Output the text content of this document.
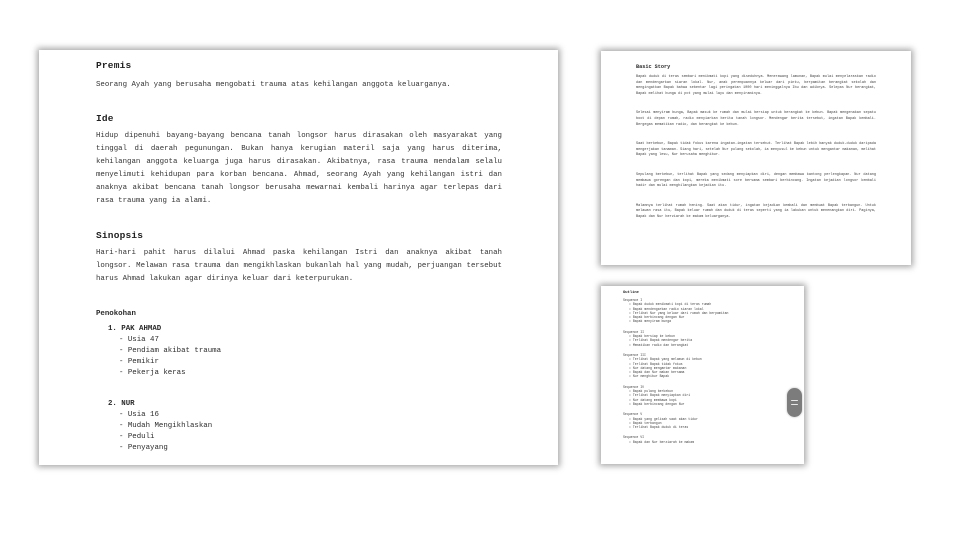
Premis

Seorang Ayah yang berusaha mengobati trauma atas kehilangan anggota keluarganya.

Ide

Hidup dipenuhi bayang-bayang bencana tanah longsor harus dirasakan oleh masyarakat yang tinggal di daerah pegunungan. Bukan hanya kerugian materil saja yang harus diterima, kehilangan anggota keluarga juga harus dirasakan. Akibatnya, rasa trauma mendalam selalu menyelimuti kehidupan para korban bencana. Ahmad, seorang Ayah yang kehilangan istri dan anaknya akibat bencana tanah longsor berusaha mewarnai kembali harinya agar terlepas dari rasa trauma yang ia alami.

Sinopsis

Hari-hari pahit harus dilalui Ahmad paska kehilangan Istri dan anaknya akibat tanah longsor. Melawan rasa trauma dan mengikhlaskan bukanlah hal yang mudah, perjuangan tersebut harus Ahmad lakukan agar dirinya keluar dari keterpurukan.

Penokohan
1. PAK AHMAD
- Usia 47
- Pendiam akibat trauma
- Pemikir
- Pekerja keras
2. NUR
- Usia 16
- Mudah Mengikhlaskan
- Peduli
- Penyayang
Basic Story

Bapak duduk di teras sembari menikmati kopi yang diseduhnya. Menerawang lamunan, Bapak mulai menyelaraskan radio dan mendengarkan siaran lokal. Nur, anak perempuannya keluar dari pintu, berpamitan berangkat sekolah dan mengingatkan Bapak bahwa sebentar lagi peringatan 1000 hari meninggalnya Ibu dan adiknya. Selepas Nur berangkat, Bapak melihat bunga di pot yang mulai layu dan menyiraminya.

Selesai menyiram bunga, Bapak masuk ke rumah dan mulai bersiap untuk berangkat ke kebun. Bapak mengenakan sepatu boot di depan rumah, radio menyiarkan berita tanah longsor. Mendengar berita tersebut, ingatan Bapak kembali. Bergegas mematikan radio, dan berangkat ke kebun.

Saat berkebun, Bapak tidak fokus karena ingatan-ingatan tersebut. Terlihat Bapak lebih banyak duduk-duduk daripada mengerjakan tanaman. Siang hari, setelah Nur pulang sekolah, ia menyusul ke kebun untuk mengantar makanan, melihat Bapak yang lesu, Nur berusaha menghibur.

Sepulang berkebun, terlihat Bapak yang sedang menyiapkan diri, dengan membawa kantong perlengkapan. Nur datang membawa gorengan dan kopi, mereka menikmati sore bersama sembari berbincang. Ingatan kejadian longsor kembali hadir dan mulai menghilangkan kejadian itu.

Malamnya terlihat rumah hening. Saat akan tidur, ingatan kejadian kembali dan membuat Bapak terbangun. Untuk melawan rasa itu, Bapak keluar rumah dan duduk di teras seperti yang ia lakukan untuk menenangkan diri. Paginya, Bapak dan Nur berziarah ke makam keluarganya.

Outline
Sequence I
• Bapak duduk menikmati kopi di teras rumah
• Bapak mendengarkan radio siaran lokal
• Terlihat Nur yang keluar dari rumah dan berpamitan
• Bapak berbincang dengan Nur
• Bapak menyiram bunga
Sequence II
• Bapak bersiap ke kebun
• Terlihat Bapak mendengar berita
• Mematikan radio dan berangkat
Sequence III
• Terlihat Bapak yang melamun di kebun
• Terlihat Bapak tidak fokus
• Nur datang mengantar makanan
• Bapak dan Nur makan bersama
• Nur menghibur Bapak
Sequence IV
• Bapak pulang berkebun
• Terlihat Bapak menyiapkan diri
• Nur datang membawa kopi
• Bapak berbincang dengan Nur
Sequence V
• Bapak yang gelisah saat akan tidur
• Bapak terbangun
• Terlihat Bapak duduk di teras
Sequence VI
• Bapak dan Nur berziarah ke makam
